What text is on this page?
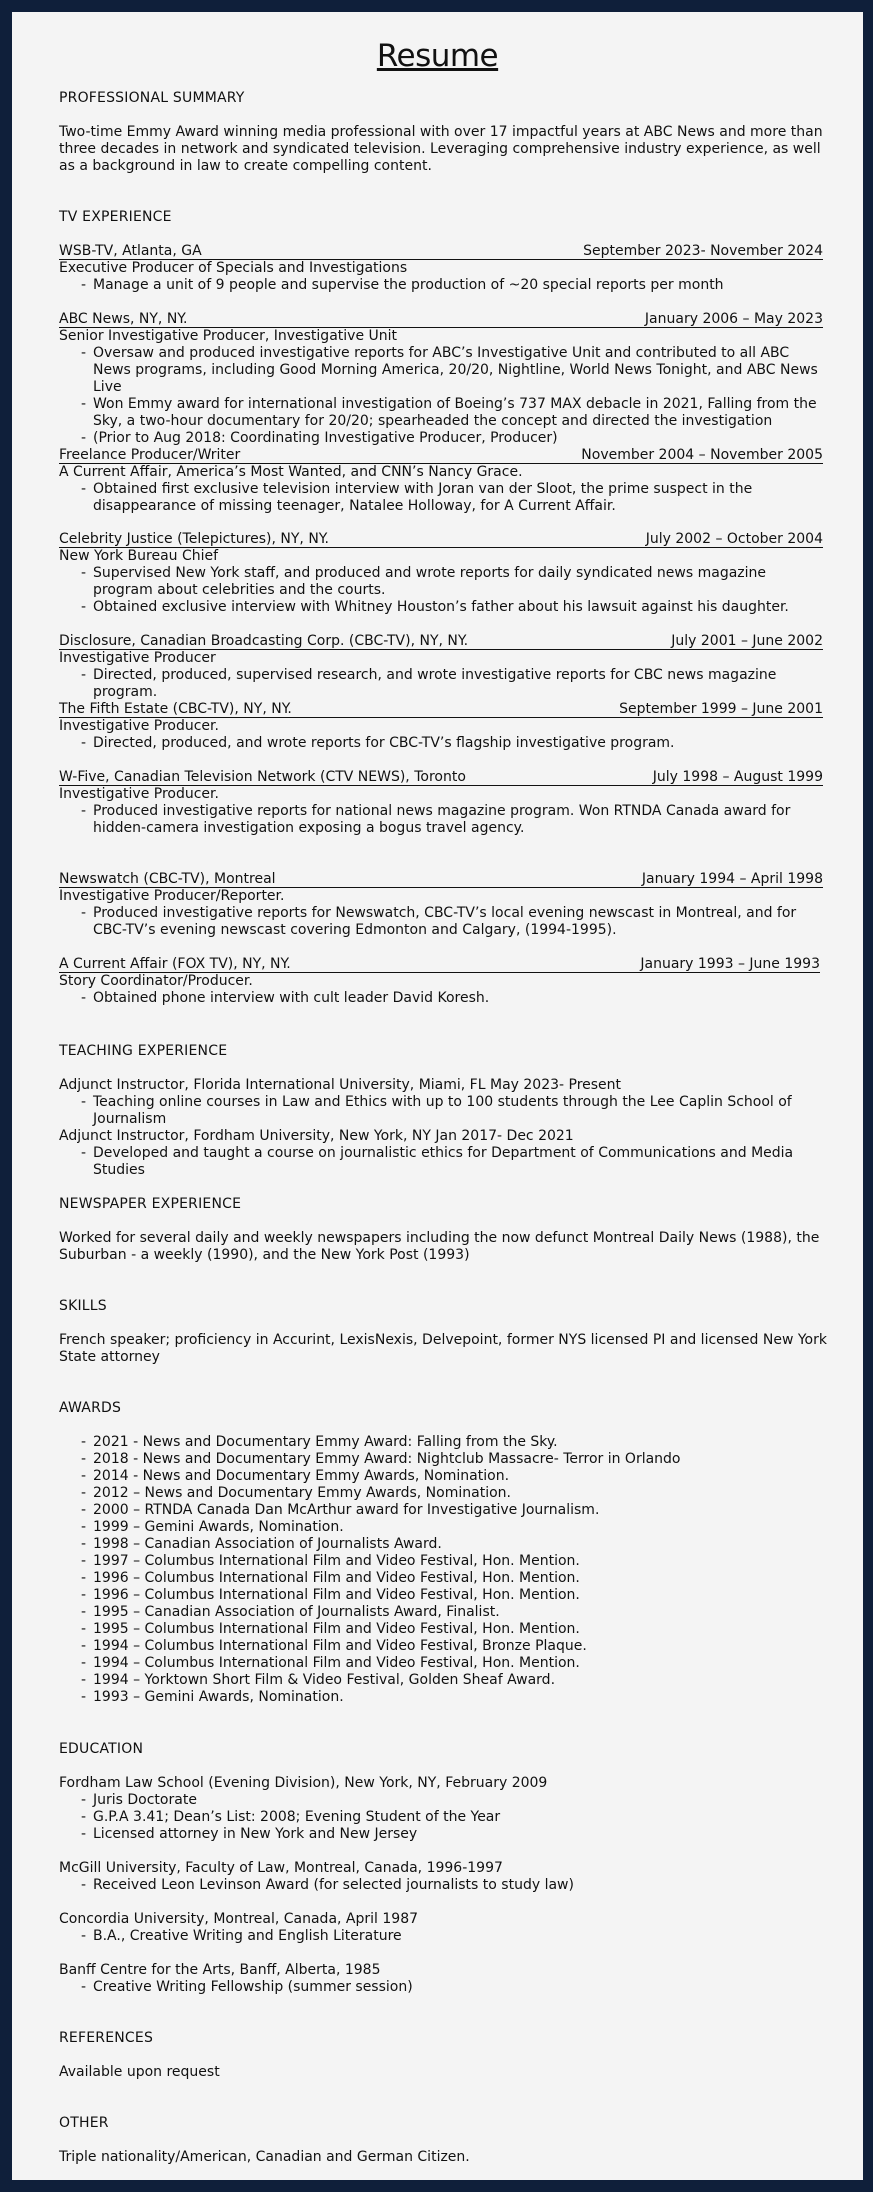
Resume
PROFESSIONAL SUMMARY
Two-time Emmy Award winning media professional with over 17 impactful years at ABC News and more than three decades in network and syndicated television. Leveraging comprehensive industry experience, as well as a background in law to create compelling content.
TV EXPERIENCE
WSB-TV, Atlanta, GA	September 2023- November 2024
Executive Producer of Specials and Investigations
- Manage a unit of 9 people and supervise the production of ~20 special reports per month
ABC News, NY, NY.	January 2006 – May 2023
Senior Investigative Producer, Investigative Unit
- Oversaw and produced investigative reports for ABC’s Investigative Unit and contributed to all ABC News programs, including Good Morning America, 20/20, Nightline, World News Tonight, and ABC News Live
- Won Emmy award for international investigation of Boeing’s 737 MAX debacle in 2021, Falling from the Sky, a two-hour documentary for 20/20; spearheaded the concept and directed the investigation
- (Prior to Aug 2018: Coordinating Investigative Producer, Producer)
Freelance Producer/Writer	November 2004 – November 2005
A Current Affair, America’s Most Wanted, and CNN’s Nancy Grace.
- Obtained first exclusive television interview with Joran van der Sloot, the prime suspect in the disappearance of missing teenager, Natalee Holloway, for A Current Affair.
Celebrity Justice (Telepictures), NY, NY.	July 2002 – October 2004
New York Bureau Chief
- Supervised New York staff, and produced and wrote reports for daily syndicated news magazine program about celebrities and the courts.
- Obtained exclusive interview with Whitney Houston’s father about his lawsuit against his daughter.
Disclosure, Canadian Broadcasting Corp. (CBC-TV), NY, NY.	July 2001 – June 2002
Investigative Producer
- Directed, produced, supervised research, and wrote investigative reports for CBC news magazine program.
The Fifth Estate (CBC-TV), NY, NY.	September 1999 – June 2001
Investigative Producer.
- Directed, produced, and wrote reports for CBC-TV’s flagship investigative program.
W-Five, Canadian Television Network (CTV NEWS), Toronto	July 1998 – August 1999
Investigative Producer.
- Produced investigative reports for national news magazine program. Won RTNDA Canada award for hidden-camera investigation exposing a bogus travel agency.
Newswatch (CBC-TV), Montreal	January 1994 – April 1998
Investigative Producer/Reporter.
- Produced investigative reports for Newswatch, CBC-TV’s local evening newscast in Montreal, and for CBC-TV’s evening newscast covering Edmonton and Calgary, (1994-1995).
A Current Affair (FOX TV), NY, NY.	January 1993 – June 1993
Story Coordinator/Producer.
- Obtained phone interview with cult leader David Koresh.
TEACHING EXPERIENCE
Adjunct Instructor, Florida International University, Miami, FL May 2023- Present
- Teaching online courses in Law and Ethics with up to 100 students through the Lee Caplin School of Journalism
Adjunct Instructor, Fordham University, New York, NY Jan 2017- Dec 2021
- Developed and taught a course on journalistic ethics for Department of Communications and Media Studies
NEWSPAPER EXPERIENCE
Worked for several daily and weekly newspapers including the now defunct Montreal Daily News (1988), the Suburban - a weekly (1990), and the New York Post (1993)
SKILLS
French speaker; proficiency in Accurint, LexisNexis, Delvepoint, former NYS licensed PI and licensed New York State attorney
AWARDS
- 2021 - News and Documentary Emmy Award: Falling from the Sky.
- 2018 - News and Documentary Emmy Award: Nightclub Massacre- Terror in Orlando
- 2014 - News and Documentary Emmy Awards, Nomination.
- 2012 – News and Documentary Emmy Awards, Nomination.
- 2000 – RTNDA Canada Dan McArthur award for Investigative Journalism.
- 1999 – Gemini Awards, Nomination.
- 1998 – Canadian Association of Journalists Award.
- 1997 – Columbus International Film and Video Festival, Hon. Mention.
- 1996 – Columbus International Film and Video Festival, Hon. Mention.
- 1996 – Columbus International Film and Video Festival, Hon. Mention.
- 1995 – Canadian Association of Journalists Award, Finalist.
- 1995 – Columbus International Film and Video Festival, Hon. Mention.
- 1994 – Columbus International Film and Video Festival, Bronze Plaque.
- 1994 – Columbus International Film and Video Festival, Hon. Mention.
- 1994 – Yorktown Short Film & Video Festival, Golden Sheaf Award.
- 1993 – Gemini Awards, Nomination.
EDUCATION
Fordham Law School (Evening Division), New York, NY, February 2009
- Juris Doctorate
- G.P.A 3.41; Dean’s List: 2008; Evening Student of the Year
- Licensed attorney in New York and New Jersey
McGill University, Faculty of Law, Montreal, Canada, 1996-1997
- Received Leon Levinson Award (for selected journalists to study law)
Concordia University, Montreal, Canada, April 1987
- B.A., Creative Writing and English Literature
Banff Centre for the Arts, Banff, Alberta, 1985
- Creative Writing Fellowship (summer session)
REFERENCES
Available upon request
OTHER
Triple nationality/American, Canadian and German Citizen.
